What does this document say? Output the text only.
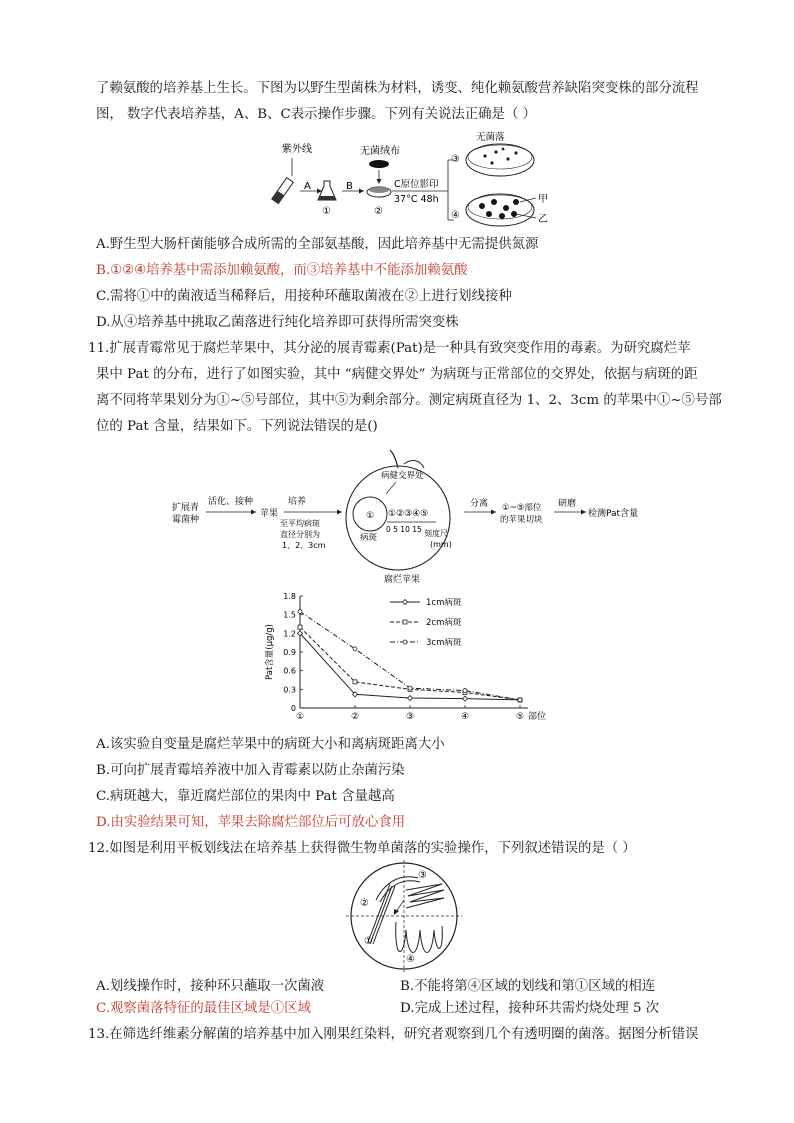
了赖氨酸的培养基上生长。下图为以野生型菌株为材料，诱变、纯化赖氨酸营养缺陷突变株的部分流程
图， 数字代表培养基，A、B、C表示操作步骤。下列有关说法正确是（ ）
紫外线
A
①
B
无菌绒布
②
C原位影印
37°C 48h
③
④
无菌落
甲
乙
A.野生型大肠杆菌能够合成所需的全部氨基酸，因此培养基中无需提供氮源
B.①②④培养基中需添加赖氨酸，而③培养基中不能添加赖氨酸
C.需将①中的菌液适当稀释后，用接种环蘸取菌液在②上进行划线接种
D.从④培养基中挑取乙菌落进行纯化培养即可获得所需突变株
11.扩展青霉常见于腐烂苹果中，其分泌的展青霉素(Pat)是一种具有致突变作用的毒素。为研究腐烂苹
果中 Pat 的分布，进行了如图实验，其中 “病健交界处” 为病斑与正常部位的交界处，依据与病斑的距
离不同将苹果划分为①~⑤号部位，其中⑤为剩余部分。测定病斑直径为 1、2、3cm 的苹果中①~⑤号部
位的 Pat 含量，结果如下。下列说法错误的是()
扩展青
霉菌种
活化、接种
苹果
培养
至平均病斑
直径分别为
1、2、3cm
病健交界处
① ①②③④⑤
0 5 10 15 刻度尺
(mm)
病斑
腐烂苹果
分离 ①~⑤部位
的苹果切块
研磨
检测Pat含量
0
0.3
0.6
0.9
1.2
1.5
1.8
①	②	③	④	⑤ 部位
Pat含量(μg/g)
1cm病斑
2cm病斑
3cm病斑
A.该实验自变量是腐烂苹果中的病斑大小和离病斑距离大小
B.可向扩展青霉培养液中加入青霉素以防止杂菌污染
C.病斑越大，靠近腐烂部位的果肉中 Pat 含量越高
D.由实验结果可知，苹果去除腐烂部位后可放心食用
12.如图是利用平板划线法在培养基上获得微生物单菌落的实验操作，下列叙述错误的是（ ）
①
②
③
④
A.划线操作时，接种环只蘸取一次菌液	B.不能将第④区域的划线和第①区域的相连
C.观察菌落特征的最佳区域是①区域	D.完成上述过程，接种环共需灼烧处理 5 次
13.在筛选纤维素分解菌的培养基中加入刚果红染料，研究者观察到几个有透明圈的菌落。据图分析错误
